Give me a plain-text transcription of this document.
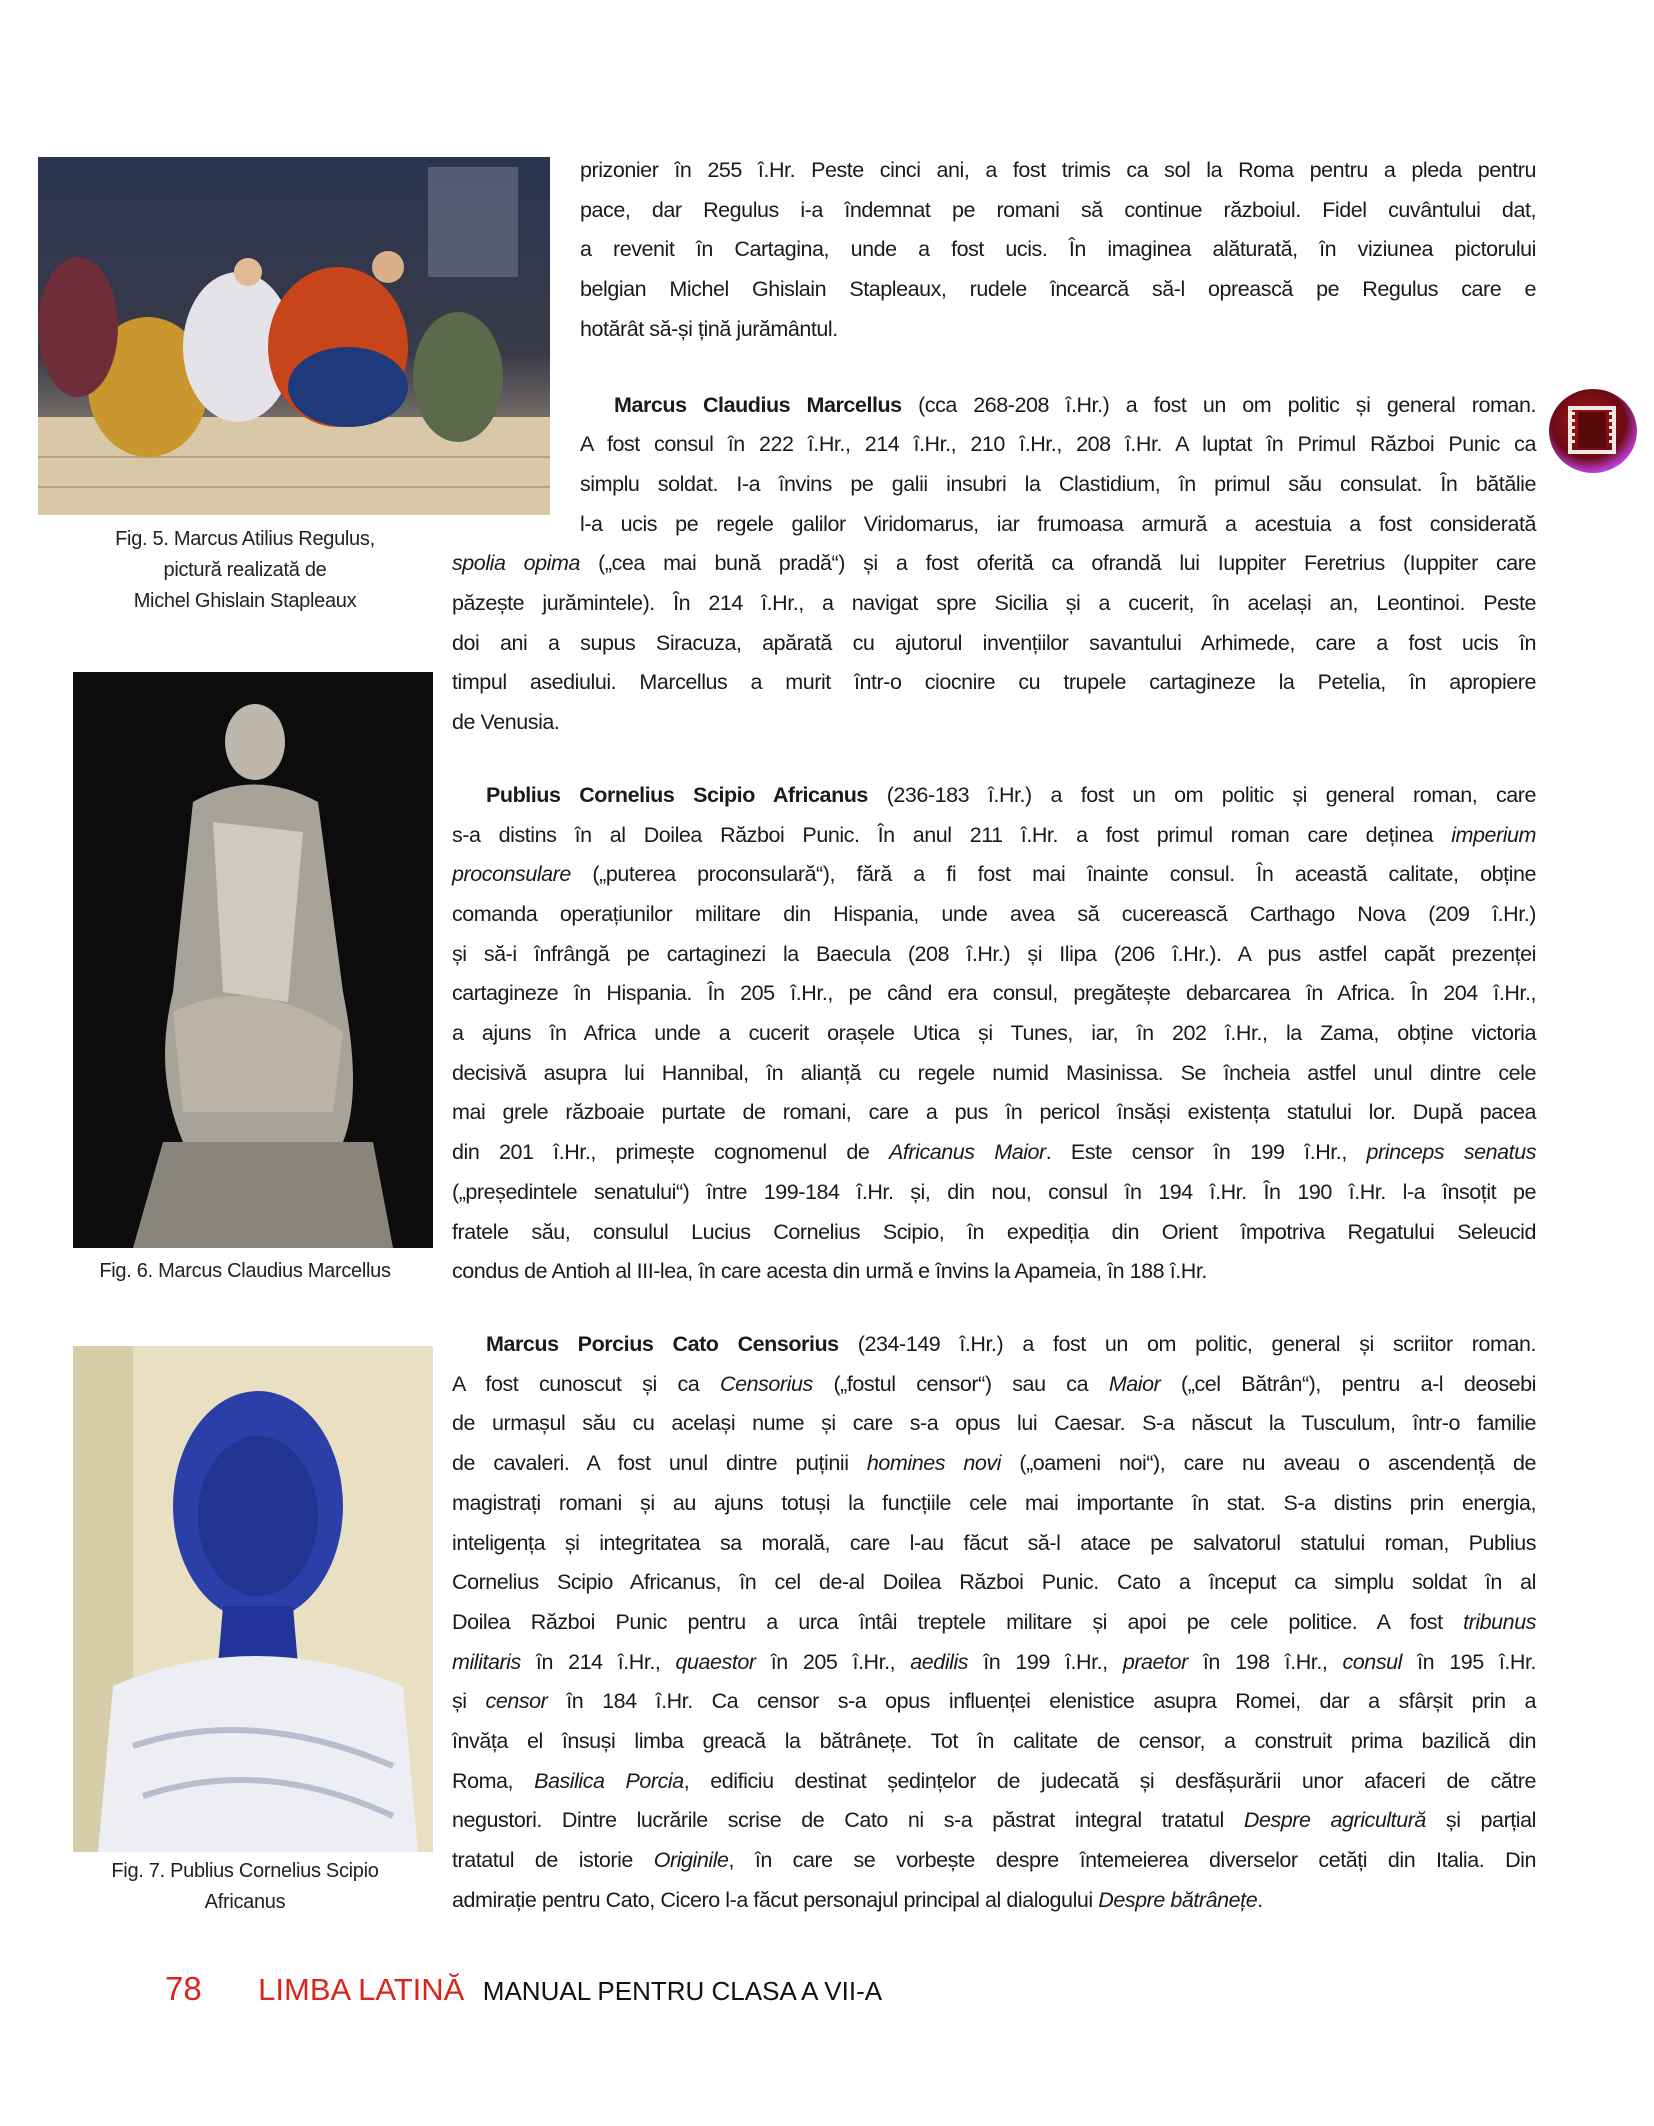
Fig. 5. Marcus Atilius Regulus,
pictură realizată de
Michel Ghislain Stapleaux
Fig. 6. Marcus Claudius Marcellus
Fig. 7. Publius Cornelius Scipio
Africanus
prizonier în 255 î.Hr. Peste cinci ani, a fost trimis ca sol la Roma pentru a pleda pentru
pace, dar Regulus i-a îndemnat pe romani să continue războiul. Fidel cuvântului dat,
a revenit în Cartagina, unde a fost ucis. În imaginea alăturată, în viziunea pictorului
belgian Michel Ghislain Stapleaux, rudele încearcă să-l oprească pe Regulus care e
hotărât să-și țină jurământul.
Marcus Claudius Marcellus (cca 268-208 î.Hr.) a fost un om politic și general roman.
A fost consul în 222 î.Hr., 214 î.Hr., 210 î.Hr., 208 î.Hr. A luptat în Primul Război Punic ca
simplu soldat. I-a învins pe galii insubri la Clastidium, în primul său consulat. În bătălie
l-a ucis pe regele galilor Viridomarus, iar frumoasa armură a acestuia a fost considerată
spolia opima („cea mai bună pradă“) și a fost oferită ca ofrandă lui Iuppiter Feretrius (Iuppiter care
păzește jurămintele). În 214 î.Hr., a navigat spre Sicilia și a cucerit, în același an, Leontinoi. Peste
doi ani a supus Siracuza, apărată cu ajutorul invențiilor savantului Arhimede, care a fost ucis în
timpul asediului. Marcellus a murit într-o ciocnire cu trupele cartagineze la Petelia, în apropiere
de Venusia.
Publius Cornelius Scipio Africanus (236-183 î.Hr.) a fost un om politic și general roman, care
s-a distins în al Doilea Război Punic. În anul 211 î.Hr. a fost primul roman care deținea imperium
proconsulare („puterea proconsulară“), fără a fi fost mai înainte consul. În această calitate, obține
comanda operațiunilor militare din Hispania, unde avea să cucerească Carthago Nova (209 î.Hr.)
și să-i înfrângă pe cartaginezi la Baecula (208 î.Hr.) și Ilipa (206 î.Hr.). A pus astfel capăt prezenței
cartagineze în Hispania. În 205 î.Hr., pe când era consul, pregătește debarcarea în Africa. În 204 î.Hr.,
a ajuns în Africa unde a cucerit orașele Utica și Tunes, iar, în 202 î.Hr., la Zama, obține victoria
decisivă asupra lui Hannibal, în alianță cu regele numid Masinissa. Se încheia astfel unul dintre cele
mai grele războaie purtate de romani, care a pus în pericol însăși existența statului lor. După pacea
din 201 î.Hr., primește cognomenul de Africanus Maior. Este censor în 199 î.Hr., princeps senatus
(„președintele senatului“) între 199-184 î.Hr. și, din nou, consul în 194 î.Hr. În 190 î.Hr. l-a însoțit pe
fratele său, consulul Lucius Cornelius Scipio, în expediția din Orient împotriva Regatului Seleucid
condus de Antioh al III-lea, în care acesta din urmă e învins la Apameia, în 188 î.Hr.
Marcus Porcius Cato Censorius (234-149 î.Hr.) a fost un om politic, general și scriitor roman.
A fost cunoscut și ca Censorius („fostul censor“) sau ca Maior („cel Bătrân“), pentru a-l deosebi
de urmașul său cu același nume și care s-a opus lui Caesar. S-a născut la Tusculum, într-o familie
de cavaleri. A fost unul dintre puținii homines novi („oameni noi“), care nu aveau o ascendență de
magistrați romani și au ajuns totuși la funcțiile cele mai importante în stat. S-a distins prin energia,
inteligența și integritatea sa morală, care l-au făcut să-l atace pe salvatorul statului roman, Publius
Cornelius Scipio Africanus, în cel de-al Doilea Război Punic. Cato a început ca simplu soldat în al
Doilea Război Punic pentru a urca întâi treptele militare și apoi pe cele politice. A fost tribunus
militaris în 214 î.Hr., quaestor în 205 î.Hr., aedilis în 199 î.Hr., praetor în 198 î.Hr., consul în 195 î.Hr.
și censor în 184 î.Hr. Ca censor s-a opus influenței elenistice asupra Romei, dar a sfârșit prin a
învăța el însuși limba greacă la bătrânețe. Tot în calitate de censor, a construit prima bazilică din
Roma, Basilica Porcia, edificiu destinat ședințelor de judecată și desfășurării unor afaceri de către
negustori. Dintre lucrările scrise de Cato ni s-a păstrat integral tratatul Despre agricultură și parțial
tratatul de istorie Originile, în care se vorbește despre întemeierea diverselor cetăți din Italia. Din
admirație pentru Cato, Cicero l-a făcut personajul principal al dialogului Despre bătrânețe.
78 LIMBA LATINĂ MANUAL PENTRU CLASA A VII-A
